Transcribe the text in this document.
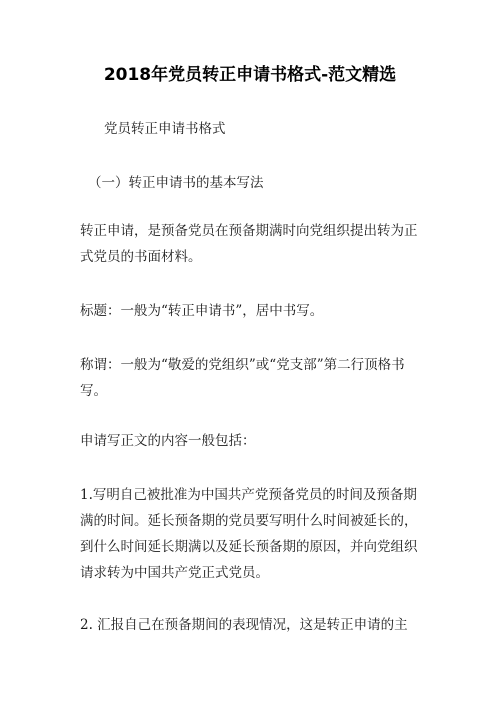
2018年党员转正申请书格式-范文精选

党员转正申请书格式

（一）转正申请书的基本写法

转正申请，是预备党员在预备期满时向党组织提出转为正式党员的书面材料。

标题：一般为“转正申请书”，居中书写。

称谓：一般为“敬爱的党组织”或“党支部”第二行顶格书写。

申请写正文的内容一般包括：

1.写明自己被批准为中国共产党预备党员的时间及预备期满的时间。延长预备期的党员要写明什么时间被延长的，到什么时间延长期满以及延长预备期的原因，并向党组织请求转为中国共产党正式党员。

2. 汇报自己在预备期间的表现情况，这是转正申请的主
